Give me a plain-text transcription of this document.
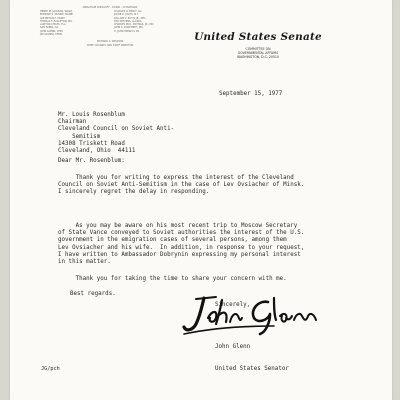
ABRAHAM RIBICOFF, CONN., CHAIRMAN
HENRY M. JACKSON, WASH.
EDMUND S. MUSKIE, MAINE
LEE METCALF, MONT.
THOMAS F. EAGLETON, MO.
LAWTON CHILES, FLA.
SAM NUNN, GA.
JOHN GLENN, OHIO
JIM SASSER, TENN.
CHARLES H. PERCY, ILL.
JACOB K. JAVITS, N.Y.
WILLIAM V. ROTH, JR., DEL.
TED STEVENS, ALASKA
CHARLES MCC. MATHIAS, JR., MD.
JOHN C. DANFORTH, MO.
H. JOHN HEINZ III, PA.
RICHARD A. WEGMAN
CHIEF COUNSEL AND STAFF DIRECTOR
United States Senate
COMMITTEE ON
GOVERNMENTAL AFFAIRS
WASHINGTON, D.C. 20510
September 15, 1977
Mr. Louis Rosenblum
Chairman
Cleveland Council on Soviet Anti-
Semitism
14308 Triskett Road
Cleveland, Ohio  44111
Dear Mr. Rosenblum:
Thank you for writing to express the interest of the Cleveland
Council on Soviet Anti-Semitism in the case of Lev Ovsiacher of Minsk.
I sincerely regret the delay in responding.
As you may be aware on his most recent trip to Moscow Secretary
of State Vance conveyed to Soviet authorities the interest of the U.S.
government in the emigration cases of several persons, among them
Lev Ovsiacher and his wife.  In addition, in response to your request,
I have written to Ambassador Dobrynin expressing my personal interest
in this matter.
Thank you for taking the time to share your concern with me.
Best regards.
Sincerely,

John Glenn

United States Senator

JG/pch
